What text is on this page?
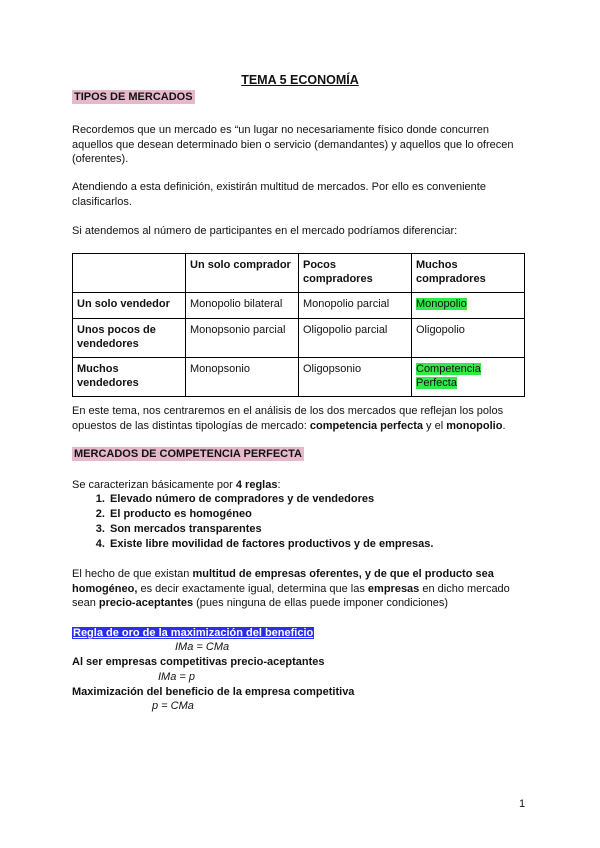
TEMA 5 ECONOMÍA
TIPOS DE MERCADOS
Recordemos que un mercado es “un lugar no necesariamente físico donde concurren aquellos que desean determinado bien o servicio (demandantes) y aquellos que lo ofrecen (oferentes).
Atendiendo a esta definición, existirán multitud de mercados. Por ello es conveniente clasificarlos.
Si atendemos al número de participantes en el mercado podríamos diferenciar:
	Un solo comprador	Pocos compradores	Muchos compradores
Un solo vendedor	Monopolio bilateral	Monopolio parcial	Monopolio
Unos pocos de vendedores	Monopsonio parcial	Oligopolio parcial	Oligopolio
Muchos vendedores	Monopsonio	Oligopsonio	Competencia Perfecta
En este tema, nos centraremos en el análisis de los dos mercados que reflejan los polos opuestos de las distintas tipologías de mercado: competencia perfecta y el monopolio.
MERCADOS DE COMPETENCIA PERFECTA
Se caracterizan básicamente por 4 reglas:
1. Elevado número de compradores y de vendedores
2. El producto es homogéneo
3. Son mercados transparentes
4. Existe libre movilidad de factores productivos y de empresas.
El hecho de que existan multitud de empresas oferentes, y de que el producto sea homogéneo, es decir exactamente igual, determina que las empresas en dicho mercado sean precio-aceptantes (pues ninguna de ellas puede imponer condiciones)
Regla de oro de la maximización del beneficio
IMa = CMa
Al ser empresas competitivas precio-aceptantes
IMa = p
Maximización del beneficio de la empresa competitiva
p = CMa
1
